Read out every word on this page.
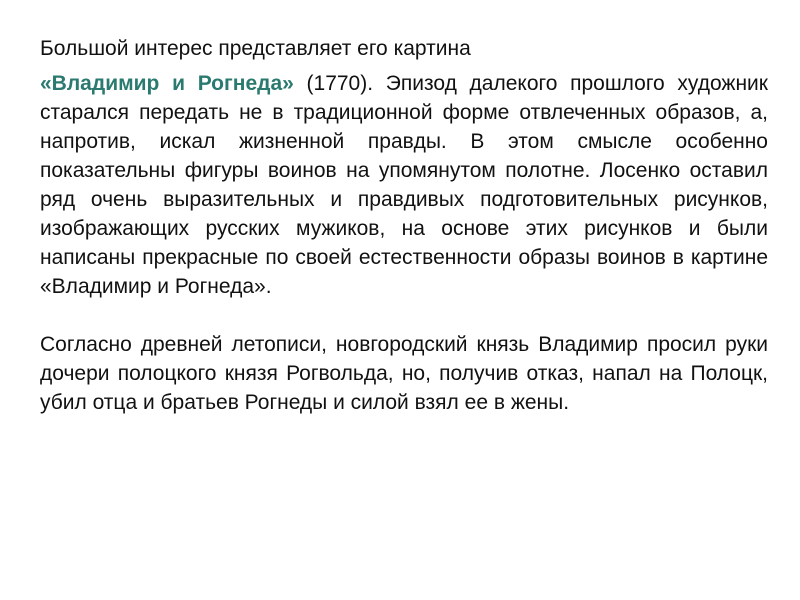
Большой интерес представляет его картина

«Владимир и Рогнеда» (1770). Эпизод далекого прошлого художник старался передать не в традиционной форме отвлеченных образов, а, напротив, искал жизненной правды. В этом смысле особенно показательны фигуры воинов на упомянутом полотне. Лосенко оставил ряд очень выразительных и правдивых подготовительных рисунков, изображающих русских мужиков, на основе этих рисунков и были написаны прекрасные по своей естественности образы воинов в картине «Владимир и Рогнеда».

Согласно древней летописи, новгородский князь Владимир просил руки дочери полоцкого князя Рогвольда, но, получив отказ, напал на Полоцк, убил отца и братьев Рогнеды и силой взял ее в жены.
